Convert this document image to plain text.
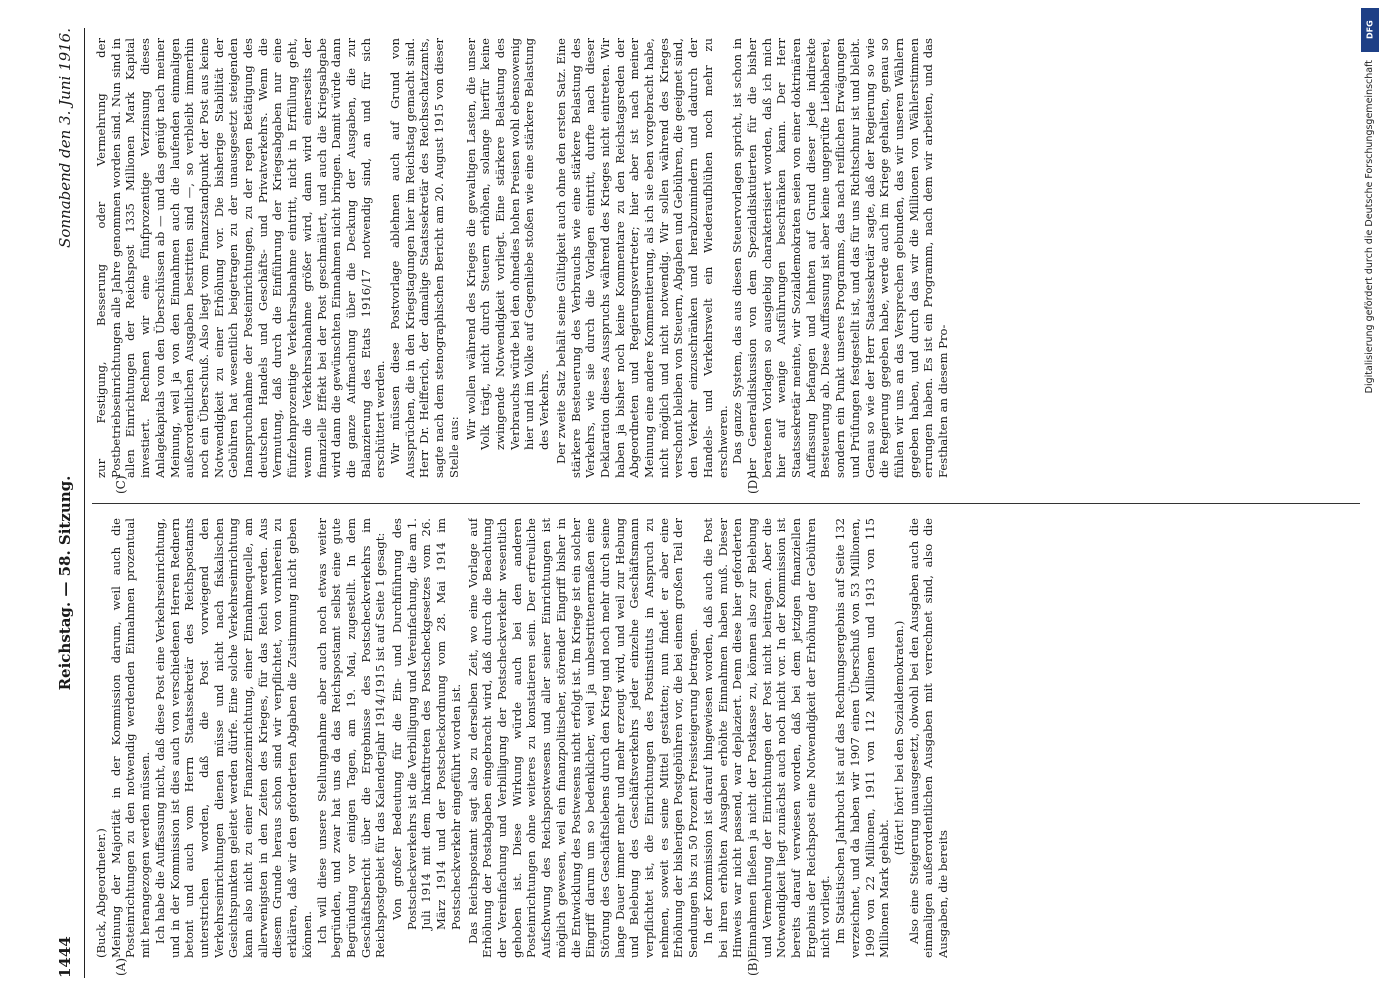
1444
Reichstag. — 58. Sitzung.
Sonnabend den 3. Juni 1916.
(A)	(B)
(C)	(D)

(Buck, Abgeordneter.) Meinung der Majorität in der Kommission darum, weil auch die Posteinrichtungen zu den notwendig werdenden Einnahmen prozentual mit herangezogen werden müssen. Ich habe die Auffassung nicht, daß diese Post eine Verkehrseinrichtung, und in der Kommission ist dies auch von verschiedenen Herren Rednern betont und auch vom Herrn Staatssekretär des Reichspostamts unterstrichen worden, daß die Post vorwiegend den Verkehrseinrichtungen dienen müsse und nicht nach fiskalischen Gesichtspunkten geleitet werden dürfe. Eine solche Verkehrseinrichtung kann also nicht zu einer Finanzeinrichtung, einer Einnahmequelle, am allerwenigsten in den Zeiten des Krieges, für das Reich werden. Aus diesem Grunde heraus schon sind wir verpflichtet, von vornherein zu erklären, daß wir den geforderten Abgaben die Zustimmung nicht geben können. Ich will diese unsere Stellungnahme aber auch noch etwas weiter begründen, und zwar hat uns da das Reichspostamt selbst eine gute Begründung vor einigen Tagen, am 19. Mai, zugestellt. In dem Geschäftsbericht über die Ergebnisse des Postscheckverkehrs im Reichspostgebiet für das Kalenderjahr 1914/1915 ist auf Seite 1 gesagt: Von großer Bedeutung für die Ein- und Durchführung des Postscheckverkehrs ist die Verbilligung und Vereinfachung, die am 1. Juli 1914 mit dem Inkrafttreten des Postscheckgesetzes vom 26. März 1914 und der Postscheckordnung vom 28. Mai 1914 im Postscheckverkehr eingeführt worden ist. Das Reichspostamt sagt also zu derselben Zeit, wo eine Vorlage auf Erhöhung der Postabgaben eingebracht wird, daß durch die Beachtung der Vereinfachung und Verbilligung der Postscheckverkehr wesentlich gehoben ist. Diese Wirkung würde auch bei den anderen Posteinrichtungen ohne weiteres zu konstatieren sein. Der erfreuliche Aufschwung des Reichspostwesens und aller seiner Einrichtungen ist möglich gewesen, weil ein finanzpolitischer, störender Eingriff bisher in die Entwicklung des Postwesens nicht erfolgt ist. Im Kriege ist ein solcher Eingriff darum um so bedenklicher, weil ja unbestrittenermaßen eine Störung des Geschäftslebens durch den Krieg und noch mehr durch seine lange Dauer immer mehr und mehr erzeugt wird, und weil zur Hebung und Belebung des Geschäftsverkehrs jeder einzelne Geschäftsmann verpflichtet ist, die Einrichtungen des Postinstituts in Anspruch zu nehmen, soweit es seine Mittel gestatten; nun findet er aber eine Erhöhung der bisherigen Postgebühren vor, die bei einem großen Teil der Sendungen bis zu 50 Prozent Preissteigerung betragen. In der Kommission ist darauf hingewiesen worden, daß auch die Post bei ihren erhöhten Ausgaben erhöhte Einnahmen haben muß. Dieser Hinweis war nicht passend, war deplaziert. Denn diese hier geforderten Einnahmen fließen ja nicht der Postkasse zu, können also zur Belebung und Vermehrung der Einrichtungen der Post nicht beitragen. Aber die Notwendigkeit liegt zunächst auch noch nicht vor. In der Kommission ist bereits darauf verwiesen worden, daß bei dem jetzigen finanziellen Ergebnis der Reichspost eine Notwendigkeit der Erhöhung der Gebühren nicht vorliegt. Im Statistischen Jahrbuch ist auf das Rechnungsergebnis auf Seite 132 verzeichnet, und da haben wir 1907 einen Überschuß von 53 Millionen, 1909 von 22 Millionen, 1911 von 112 Millionen und 1913 von 115 Millionen Mark gehabt.

(Hört! hört! bei den Sozialdemokraten.) Also eine Steigerung unausgesetzt, obwohl bei den Ausgaben auch die einmaligen außerordentlichen Ausgaben mit verrechnet sind, also die Ausgaben, die bereits

zur Festigung, Besserung oder Vermehrung der Postbetriebseinrichtungen alle Jahre genommen worden sind. Nun sind in allen Einrichtungen der Reichspost 1335 Millionen Mark Kapital investiert. Rechnen wir eine fünfprozentige Verzinsung dieses Anlagekapitals von den Überschüssen ab — und das genügt nach meiner Meinung, weil ja von den Einnahmen auch die laufenden einmaligen außerordentlichen Ausgaben bestritten sind —, so verbleibt immerhin noch ein Überschuß. Also liegt vom Finanzstandpunkt der Post aus keine Notwendigkeit zu einer Erhöhung vor. Die bisherige Stabilität der Gebühren hat wesentlich beigetragen zu der unausgesetzt steigenden Inanspruchnahme der Posteinrichtungen, zu der regen Betätigung des deutschen Handels und Geschäfts- und Privatverkehrs. Wenn die Vermutung, daß durch die Einführung der Kriegsabgaben nur eine fünfzehnprozentige Verkehrsabnahme eintritt, nicht in Erfüllung geht, wenn die Verkehrsabnahme größer wird, dann wird einerseits der finanzielle Effekt bei der Post geschmälert, und auch die Kriegsabgabe wird dann die gewünschten Einnahmen nicht bringen. Damit würde dann die ganze Aufmachung über die Deckung der Ausgaben, die zur Balanzierung des Etats 1916/17 notwendig sind, an und für sich erschüttert werden. Wir müssen diese Postvorlage ablehnen auch auf Grund von Aussprüchen, die in den Kriegstagungen hier im Reichstag gemacht sind. Herr Dr. Helfferich, der damalige Staatssekretär des Reichsschatzamts, sagte nach dem stenographischen Bericht am 20. August 1915 von dieser Stelle aus:

Wir wollen während des Krieges die gewaltigen Lasten, die unser Volk trägt, nicht durch Steuern erhöhen, solange hierfür keine zwingende Notwendigkeit vorliegt. Eine stärkere Belastung des Verbrauchs würde bei den ohnedies hohen Preisen wohl ebensowenig hier und im Volke auf Gegenliebe stoßen wie eine stärkere Belastung des Verkehrs. Der zweite Satz behält seine Gültigkeit auch ohne den ersten Satz. Eine stärkere Besteuerung des Verbrauchs wie eine stärkere Belastung des Verkehrs, wie sie durch die Vorlagen eintritt, durfte nach dieser Deklaration dieses Ausspruchs während des Krieges nicht eintreten. Wir haben ja bisher noch keine Kommentare zu den Reichstagsreden der Abgeordneten und Regierungsvertreter; hier aber ist nach meiner Meinung eine andere Kommentierung, als ich sie eben vorgebracht habe, nicht möglich und nicht notwendig. Wir sollen während des Krieges verschont bleiben von Steuern, Abgaben und Gebühren, die geeignet sind, den Verkehr einzuschränken und herabzumindern und dadurch der Handels- und Verkehrswelt ein Wiederaufblühen noch mehr zu erschweren. Das ganze System, das aus diesen Steuervorlagen spricht, ist schon in der Generaldiskussion von dem Spezialdiskutierten für die bisher beratenen Vorlagen so ausgiebig charakterisiert worden, daß ich mich hier auf wenige Ausführungen beschränken kann. Der Herr Staatssekretär meinte, wir Sozialdemokraten seien von einer doktrinären Auffassung befangen und lehnten auf Grund dieser jede indirekte Besteuerung ab. Diese Auffassung ist aber keine ungeprüfte Liebhaberei, sondern ein Punkt unseres Programms, das nach reiflichen Erwägungen und Prüfungen festgestellt ist, und das für uns Richtschnur ist und bleibt. Genau so wie der Herr Staatssekretär sagte, daß der Regierung so wie die Regierung gegeben habe, werde auch im Kriege gehalten, genau so fühlen wir uns an das Versprechen gebunden, das wir unseren Wählern gegeben haben, und durch das wir die Millionen von Wählerstimmen errungen haben. Es ist ein Programm, nach dem wir arbeiten, und das Festhalten an diesem Pro-

DFG
Digitalisierung gefördert durch die Deutsche Forschungsgemeinschaft
